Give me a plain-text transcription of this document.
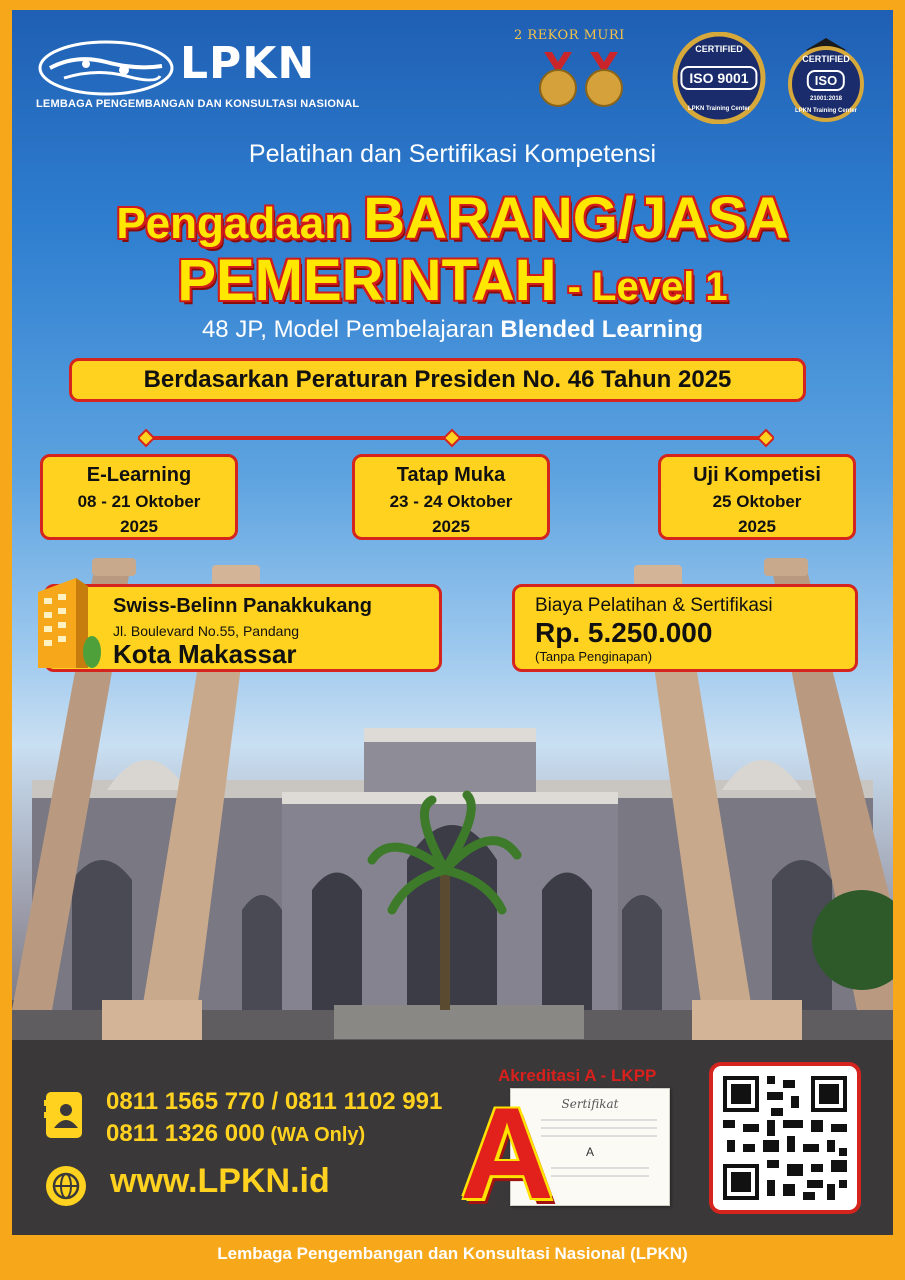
LPKN
LEMBAGA PENGEMBANGAN DAN KONSULTASI NASIONAL
2 REKOR MURI
CERTIFIED
ISO 9001
LPKN Training Center
CERTIFIED
ISO
21001:2018
LPKN Training Center
Pelatihan dan Sertifikasi Kompetensi
Pengadaan BARANG/JASA
PEMERINTAH - Level 1
48 JP, Model Pembelajaran Blended Learning
Berdasarkan Peraturan Presiden No. 46 Tahun 2025
E-Learning
08 - 21 Oktober
2025
Tatap Muka
23 - 24 Oktober
2025
Uji Kompetisi
25 Oktober
2025
Swiss-Belinn Panakkukang
Jl. Boulevard No.55, Pandang
Kota Makassar
Biaya Pelatihan & Sertifikasi
Rp. 5.250.000
(Tanpa Penginapan)
0811 1565 770 / 0811 1102 991
0811 1326 000 (WA Only)
www.LPKN.id
Akreditasi A - LKPP
Sertifikat
A
A
Lembaga Pengembangan dan Konsultasi Nasional (LPKN)
